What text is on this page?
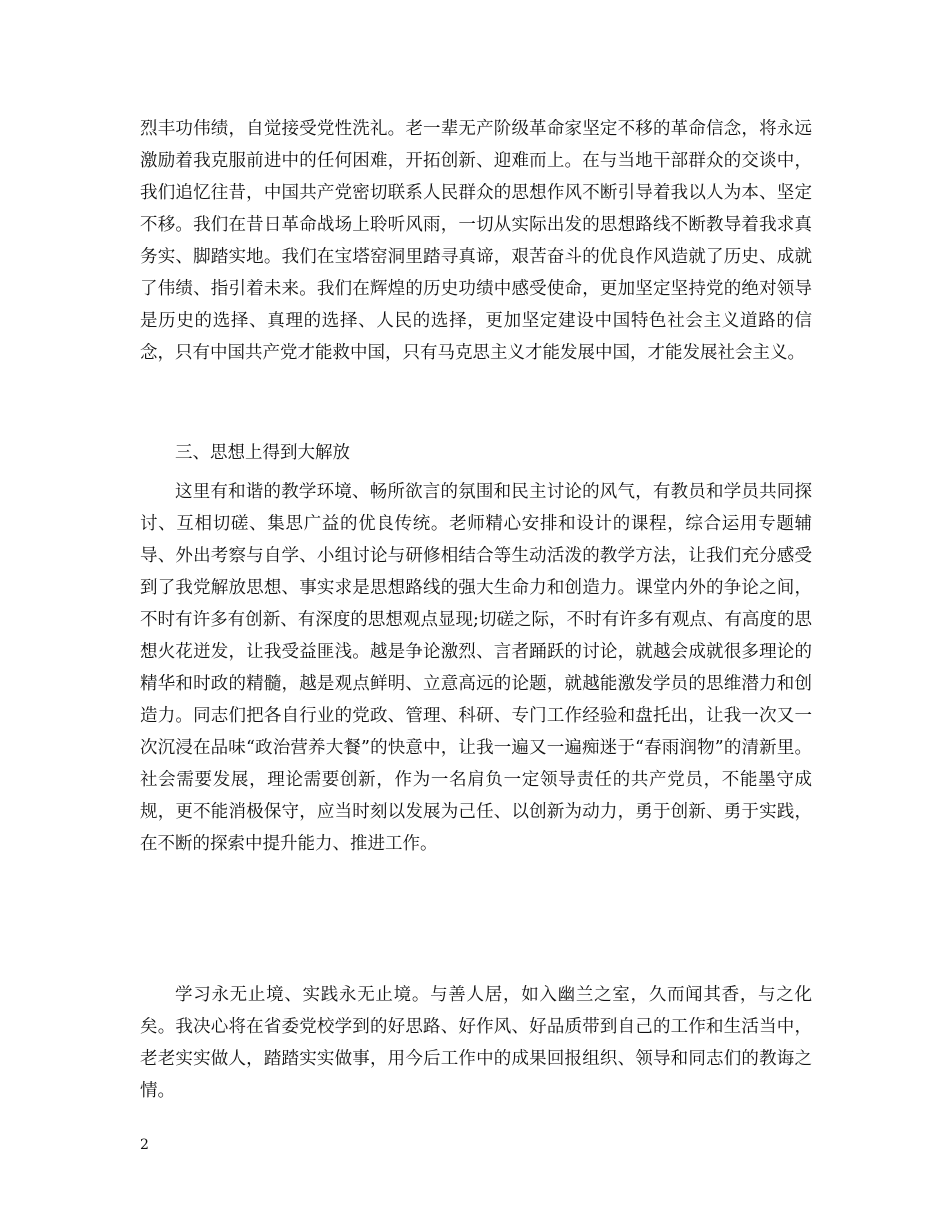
烈丰功伟绩，自觉接受党性洗礼。老一辈无产阶级革命家坚定不移的革命信念，将永远激励着我克服前进中的任何困难，开拓创新、迎难而上。在与当地干部群众的交谈中，我们追忆往昔，中国共产党密切联系人民群众的思想作风不断引导着我以人为本、坚定不移。我们在昔日革命战场上聆听风雨，一切从实际出发的思想路线不断教导着我求真务实、脚踏实地。我们在宝塔窑洞里踏寻真谛，艰苦奋斗的优良作风造就了历史、成就了伟绩、指引着未来。我们在辉煌的历史功绩中感受使命，更加坚定坚持党的绝对领导是历史的选择、真理的选择、人民的选择，更加坚定建设中国特色社会主义道路的信念，只有中国共产党才能救中国，只有马克思主义才能发展中国，才能发展社会主义。

三、思想上得到大解放

这里有和谐的教学环境、畅所欲言的氛围和民主讨论的风气，有教员和学员共同探讨、互相切磋、集思广益的优良传统。老师精心安排和设计的课程，综合运用专题辅导、外出考察与自学、小组讨论与研修相结合等生动活泼的教学方法，让我们充分感受到了我党解放思想、事实求是思想路线的强大生命力和创造力。课堂内外的争论之间，不时有许多有创新、有深度的思想观点显现;切磋之际，不时有许多有观点、有高度的思想火花迸发，让我受益匪浅。越是争论激烈、言者踊跃的讨论，就越会成就很多理论的精华和时政的精髓，越是观点鲜明、立意高远的论题，就越能激发学员的思维潜力和创造力。同志们把各自行业的党政、管理、科研、专门工作经验和盘托出，让我一次又一次沉浸在品味“政治营养大餐”的快意中，让我一遍又一遍痴迷于“春雨润物”的清新里。社会需要发展，理论需要创新，作为一名肩负一定领导责任的共产党员，不能墨守成规，更不能消极保守，应当时刻以发展为己任、以创新为动力，勇于创新、勇于实践，在不断的探索中提升能力、推进工作。

学习永无止境、实践永无止境。与善人居，如入幽兰之室，久而闻其香，与之化矣。我决心将在省委党校学到的好思路、好作风、好品质带到自己的工作和生活当中，老老实实做人，踏踏实实做事，用今后工作中的成果回报组织、领导和同志们的教诲之情。

2
